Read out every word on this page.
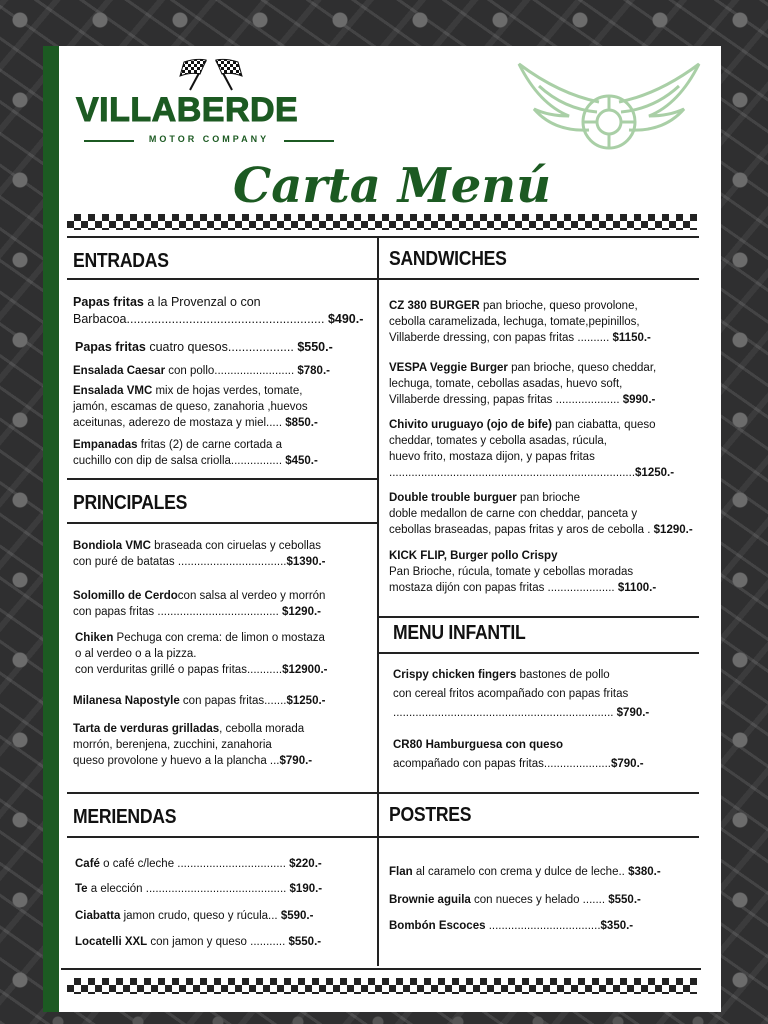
VILLABERDE
MOTOR COMPANY
Carta Menú
ENTRADAS	SANDWICHES
PRINCIPALES
MENU INFANTIL
MERIENDAS	POSTRES
Papas fritas a la Provenzal o con
Barbacoa......................................................... $490.-
Papas fritas cuatro quesos................... $550.-
Ensalada Caesar con pollo......................... $780.-
Ensalada VMC mix de hojas verdes, tomate,
jamón, escamas de queso, zanahoria ,huevos
aceitunas, aderezo de mostaza y miel..... $850.-
Empanadas fritas (2) de carne cortada a
cuchillo con dip de salsa criolla................ $450.-
Bondiola VMC braseada con ciruelas y cebollas
con puré de batatas ..................................$1390.-
Solomillo de Cerdocon salsa al verdeo y morrón
con papas fritas ...................................... $1290.-
Chiken Pechuga con crema: de limon o mostaza
o al verdeo o a la pizza.
con verduritas grillé o papas fritas...........$12900.-
Milanesa Napostyle con papas fritas.......$1250.-
Tarta de verduras grilladas, cebolla morada
morrón, berenjena, zucchini, zanahoria
queso provolone y huevo a la plancha ...$790.-
Café o café c/leche .................................. $220.-
Te a elección ............................................ $190.-
Ciabatta jamon crudo, queso y rúcula... $590.-
Locatelli XXL con jamon y queso ........... $550.-
CZ 380 BURGER pan brioche, queso provolone,
cebolla caramelizada, lechuga, tomate,pepinillos,
Villaberde dressing, con papas fritas .......... $1150.-
VESPA Veggie Burger pan brioche, queso cheddar,
lechuga, tomate, cebollas asadas, huevo soft,
Villaberde dressing, papas fritas .................... $990.-
Chivito uruguayo (ojo de bife) pan ciabatta, queso
cheddar, tomates y cebolla asadas, rúcula,
huevo frito, mostaza dijon, y papas fritas
.............................................................................$1250.-
Double trouble burguer pan brioche
doble medallon de carne con cheddar, panceta y
cebollas braseadas, papas fritas y aros de cebolla . $1290.-
KICK FLIP, Burger pollo Crispy
Pan Brioche, rúcula, tomate y cebollas moradas
mostaza dijón con papas fritas ..................... $1100.-
Crispy chicken fingers bastones de pollo
con cereal fritos acompañado con papas fritas
..................................................................... $790.-
CR80 Hamburguesa con queso
acompañado con papas fritas.....................$790.-
Flan al caramelo con crema y dulce de leche.. $380.-
Brownie aguila con nueces y helado ....... $550.-
Bombón Escoces ...................................$350.-
